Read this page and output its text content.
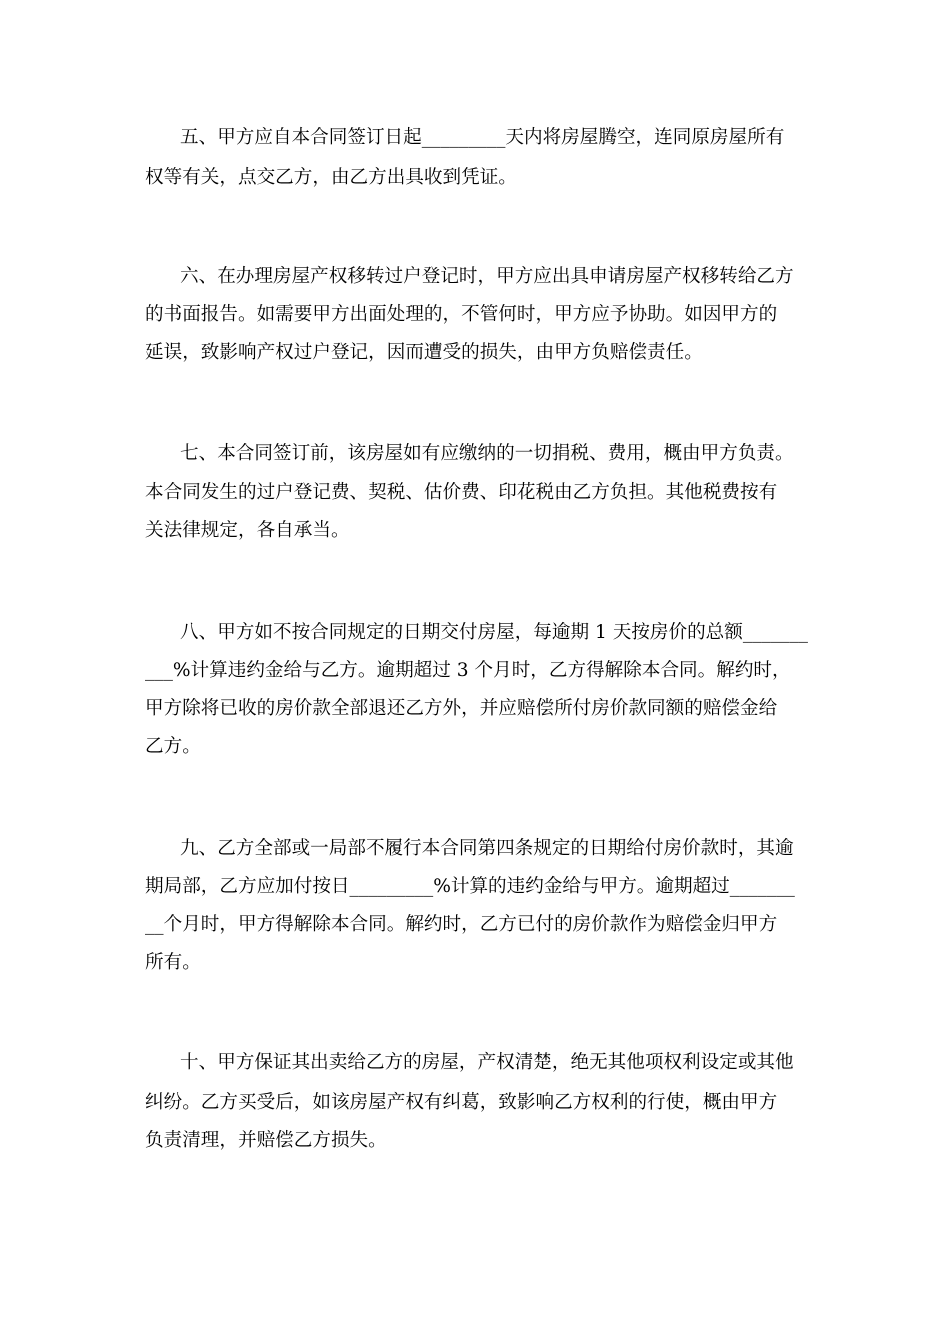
五、甲方应自本合同签订日起_________天内将房屋腾空，连同原房屋所有
权等有关，点交乙方，由乙方出具收到凭证。
六、在办理房屋产权移转过户登记时，甲方应出具申请房屋产权移转给乙方
的书面报告。如需要甲方出面处理的，不管何时，甲方应予协助。如因甲方的
延误，致影响产权过户登记，因而遭受的损失，由甲方负赔偿责任。
七、本合同签订前，该房屋如有应缴纳的一切捐税、费用，概由甲方负责。
本合同发生的过户登记费、契税、估价费、印花税由乙方负担。其他税费按有
关法律规定，各自承当。
八、甲方如不按合同规定的日期交付房屋，每逾期 1 天按房价的总额_______
___%计算违约金给与乙方。逾期超过 3 个月时，乙方得解除本合同。解约时，
甲方除将已收的房价款全部退还乙方外，并应赔偿所付房价款同额的赔偿金给
乙方。
九、乙方全部或一局部不履行本合同第四条规定的日期给付房价款时，其逾
期局部，乙方应加付按日_________%计算的违约金给与甲方。逾期超过_______
__个月时，甲方得解除本合同。解约时，乙方已付的房价款作为赔偿金归甲方
所有。
十、甲方保证其出卖给乙方的房屋，产权清楚，绝无其他项权利设定或其他
纠纷。乙方买受后，如该房屋产权有纠葛，致影响乙方权利的行使，概由甲方
负责清理，并赔偿乙方损失。
